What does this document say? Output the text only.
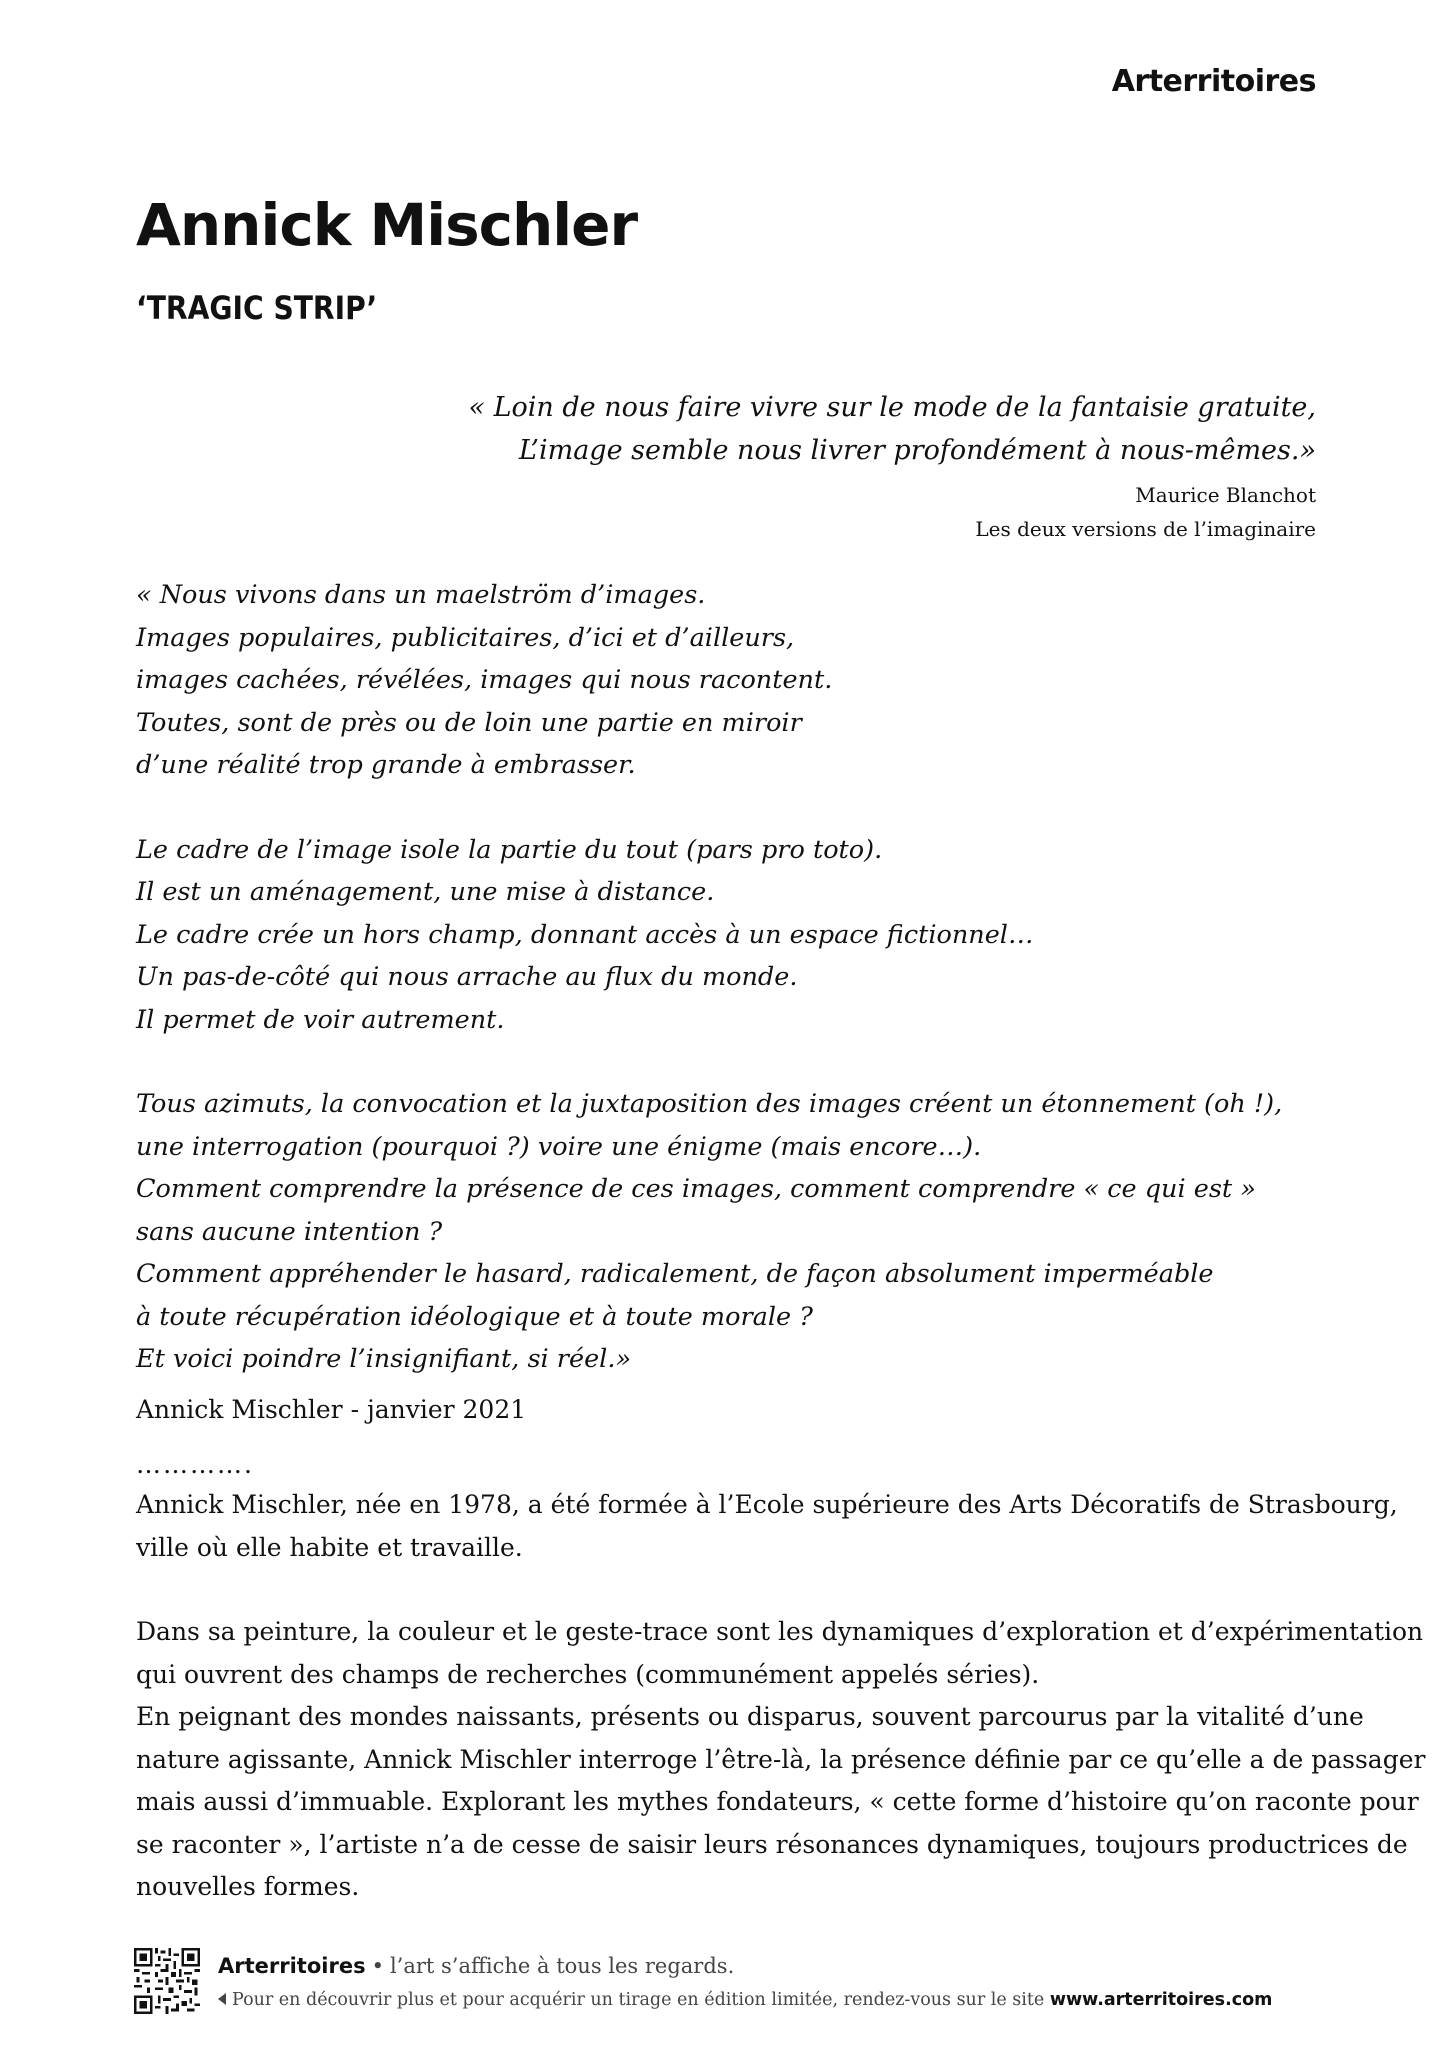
Arterritoires
Annick Mischler
‘TRAGIC STRIP’
« Loin de nous faire vivre sur le mode de la fantaisie gratuite,
L’image semble nous livrer profondément à nous-mêmes.»
Maurice Blanchot
Les deux versions de l’imaginaire
« Nous vivons dans un maelström d’images.
Images populaires, publicitaires, d’ici et d’ailleurs,
images cachées, révélées, images qui nous racontent.
Toutes, sont de près ou de loin une partie en miroir
d’une réalité trop grande à embrasser.
Le cadre de l’image isole la partie du tout (pars pro toto).
Il est un aménagement, une mise à distance.
Le cadre crée un hors champ, donnant accès à un espace fictionnel…
Un pas-de-côté qui nous arrache au flux du monde.
Il permet de voir autrement.
Tous azimuts, la convocation et la juxtaposition des images créent un étonnement (oh !),
une interrogation (pourquoi ?) voire une énigme (mais encore…).
Comment comprendre la présence de ces images, comment comprendre « ce qui est »
sans aucune intention ?
Comment appréhender le hasard, radicalement, de façon absolument imperméable
à toute récupération idéologique et à toute morale ?
Et voici poindre l’insignifiant, si réel.»
Annick Mischler - janvier 2021
………….

Annick Mischler, née en 1978, a été formée à l’Ecole supérieure des Arts Décoratifs de Strasbourg,
ville où elle habite et travaille.

Dans sa peinture, la couleur et le geste-trace sont les dynamiques d’exploration et d’expérimentation
qui ouvrent des champs de recherches (communément appelés séries).
En peignant des mondes naissants, présents ou disparus, souvent parcourus par la vitalité d’une
nature agissante, Annick Mischler interroge l’être-là, la présence définie par ce qu’elle a de passager
mais aussi d’immuable. Explorant les mythes fondateurs, « cette forme d’histoire qu’on raconte pour
se raconter », l’artiste n’a de cesse de saisir leurs résonances dynamiques, toujours productrices de
nouvelles formes.

Arterritoires • l’art s’affiche à tous les regards.
Pour en découvrir plus et pour acquérir un tirage en édition limitée, rendez-vous sur le site www.arterritoires.com
